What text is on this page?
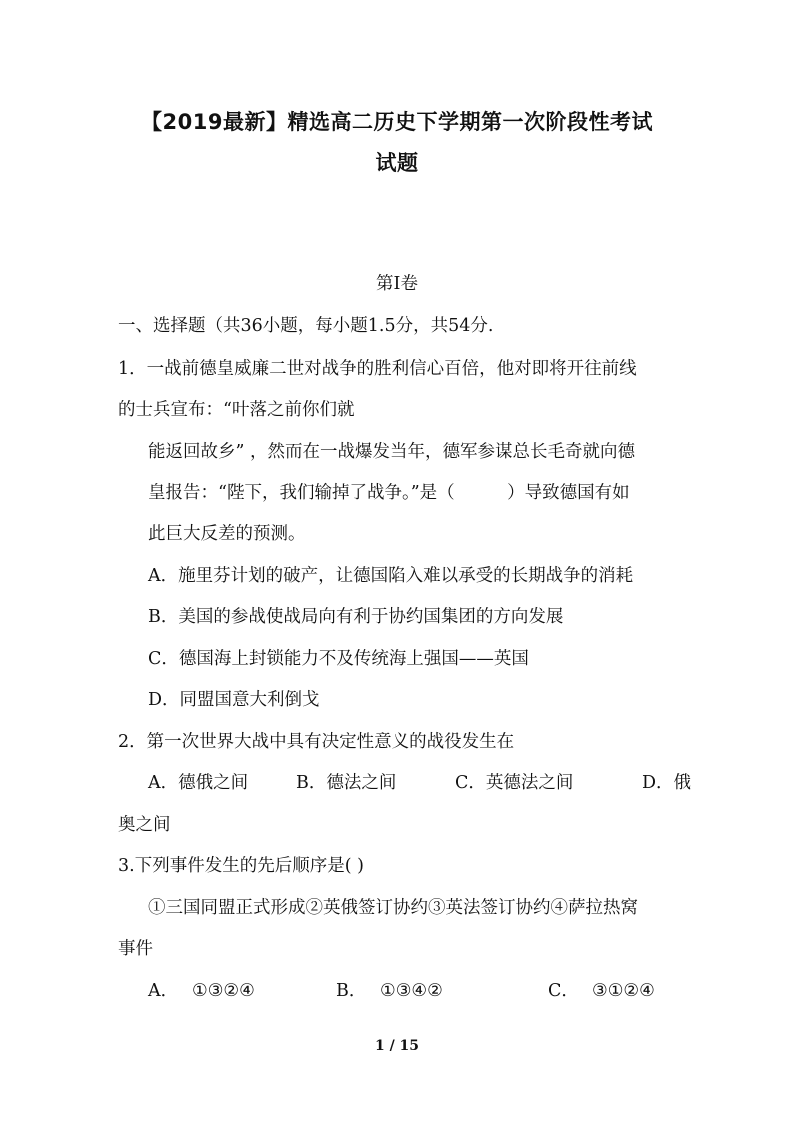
【2019最新】精选高二历史下学期第一次阶段性考试
试题
第Ⅰ卷
一、选择题（共36小题，每小题1.5分，共54分.
1．一战前德皇威廉二世对战争的胜利信心百倍，他对即将开往前线
的士兵宣布：“叶落之前你们就
能返回故乡” ，然而在一战爆发当年，德军参谋总长毛奇就向德
皇报告：“陛下，我们输掉了战争。”是（　　　）导致德国有如
此巨大反差的预测。
A．施里芬计划的破产，让德国陷入难以承受的长期战争的消耗
B．美国的参战使战局向有利于协约国集团的方向发展
C．德国海上封锁能力不及传统海上强国——英国
D．同盟国意大利倒戈
2．第一次世界大战中具有决定性意义的战役发生在
A．德俄之间	B．德法之间	C．英德法之间	D．俄
奥之间
3.下列事件发生的先后顺序是( )
①三国同盟正式形成②英俄签订协约③英法签订协约④萨拉热窝
事件
A． ①③②④	B． ①③④②	C． ③①②④
1 / 15
